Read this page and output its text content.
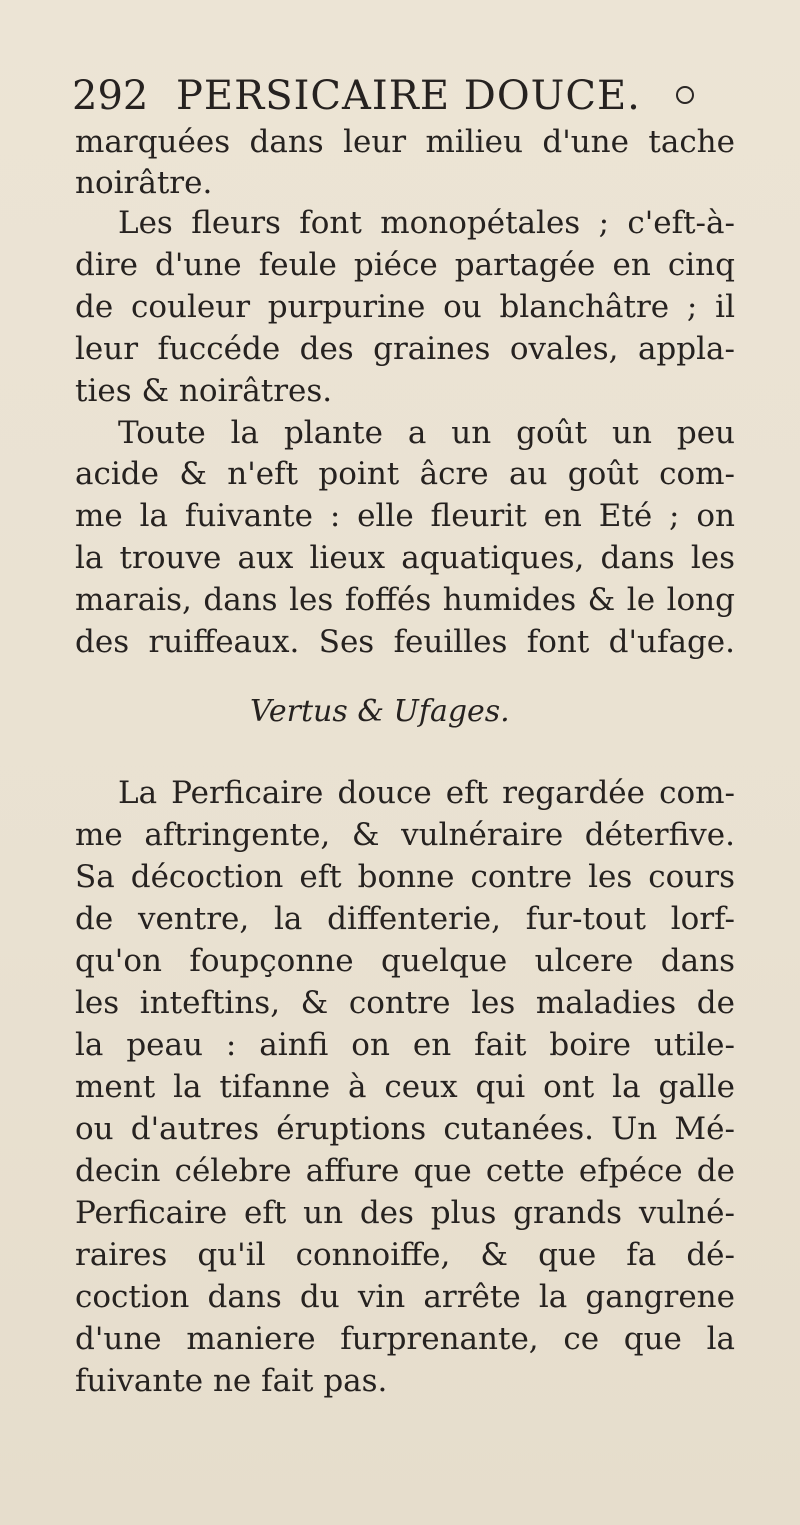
292 PERSICAIRE DOUCE.
marquées dans leur milieu d'une tache
noirâtre.
Les fleurs font monopétales ; c'eft-à-
dire d'une feule piéce partagée en cinq
de couleur purpurine ou blanchâtre ; il
leur fuccéde des graines ovales, appla-
ties & noirâtres.
Toute la plante a un goût un peu
acide & n'eft point âcre au goût com-
me la fuivante : elle fleurit en Eté ; on
la trouve aux lieux aquatiques, dans les
marais, dans les foffés humides & le long
des ruiffeaux. Ses feuilles font d'ufage.
Vertus & Ufages.
La Perficaire douce eft regardée com-
me aftringente, & vulnéraire déterfive.
Sa décoction eft bonne contre les cours
de ventre, la diffenterie, fur-tout lorf-
qu'on foupçonne quelque ulcere dans
les inteftins, & contre les maladies de
la peau : ainfi on en fait boire utile-
ment la tifanne à ceux qui ont la galle
ou d'autres éruptions cutanées. Un Mé-
decin célebre affure que cette efpéce de
Perficaire eft un des plus grands vulné-
raires qu'il connoiffe, & que fa dé-
coction dans du vin arrête la gangrene
d'une maniere furprenante, ce que la
fuivante ne fait pas.
